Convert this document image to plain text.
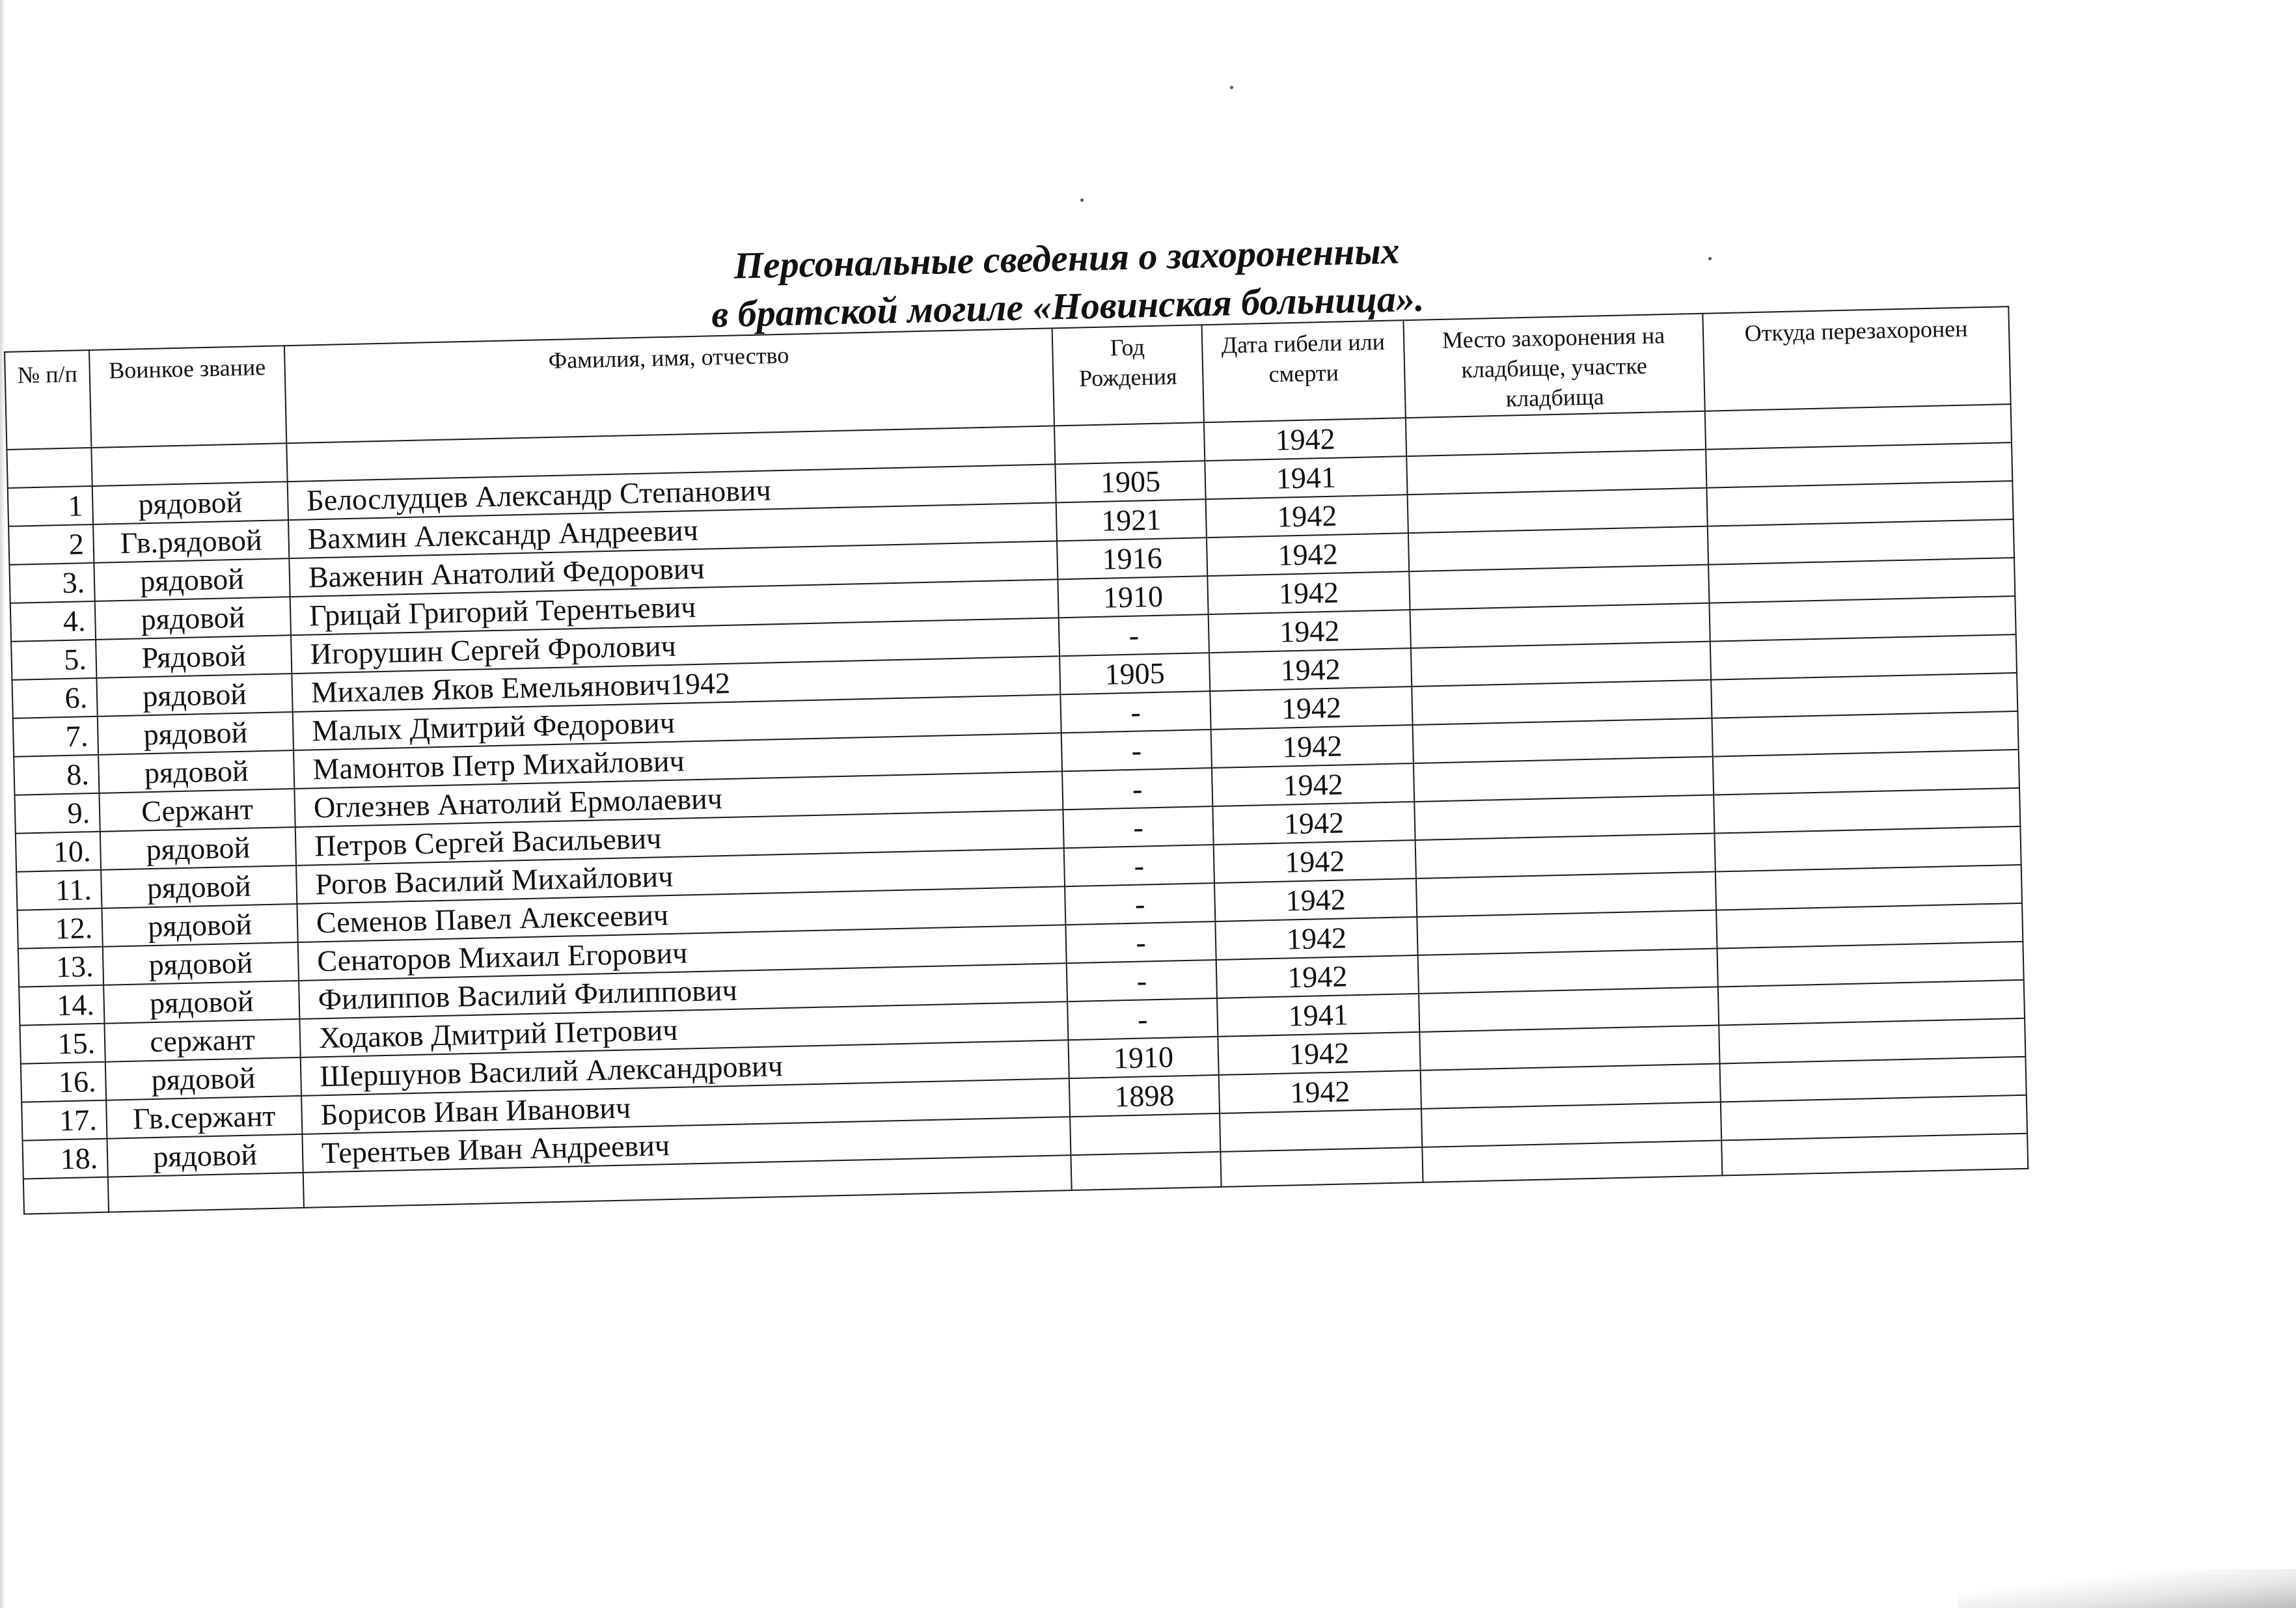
Персональные сведения о захороненных
в братской могиле «Новинская больница».
№ п/п	Воинкое звание	Фамилия, имя, отчество	Год Рождения	Дата гибели или смерти	Место захоронения на кладбище, участке кладбища	Откуда перезахоронен
				1942		
1	рядовой	Белослудцев Александр Степанович	1905	1941		
2	Гв.рядовой	Вахмин Александр Андреевич	1921	1942		
3.	рядовой	Важенин Анатолий Федорович	1916	1942		
4.	рядовой	Грицай Григорий Терентьевич	1910	1942		
5.	Рядовой	Игорушин Сергей Фролович	-	1942		
6.	рядовой	Михалев Яков Емельянович1942	1905	1942		
7.	рядовой	Малых Дмитрий Федорович	-	1942		
8.	рядовой	Мамонтов Петр Михайлович	-	1942		
9.	Сержант	Оглезнев Анатолий Ермолаевич	-	1942		
10.	рядовой	Петров Сергей Васильевич	-	1942		
11.	рядовой	Рогов Василий Михайлович	-	1942		
12.	рядовой	Семенов Павел Алексеевич	-	1942		
13.	рядовой	Сенаторов Михаил Егорович	-	1942		
14.	рядовой	Филиппов Василий Филиппович	-	1942		
15.	сержант	Ходаков Дмитрий Петрович	-	1941		
16.	рядовой	Шершунов Василий Александрович	1910	1942		
17.	Гв.сержант	Борисов Иван Иванович	1898	1942		
18.	рядовой	Терентьев Иван Андреевич				
